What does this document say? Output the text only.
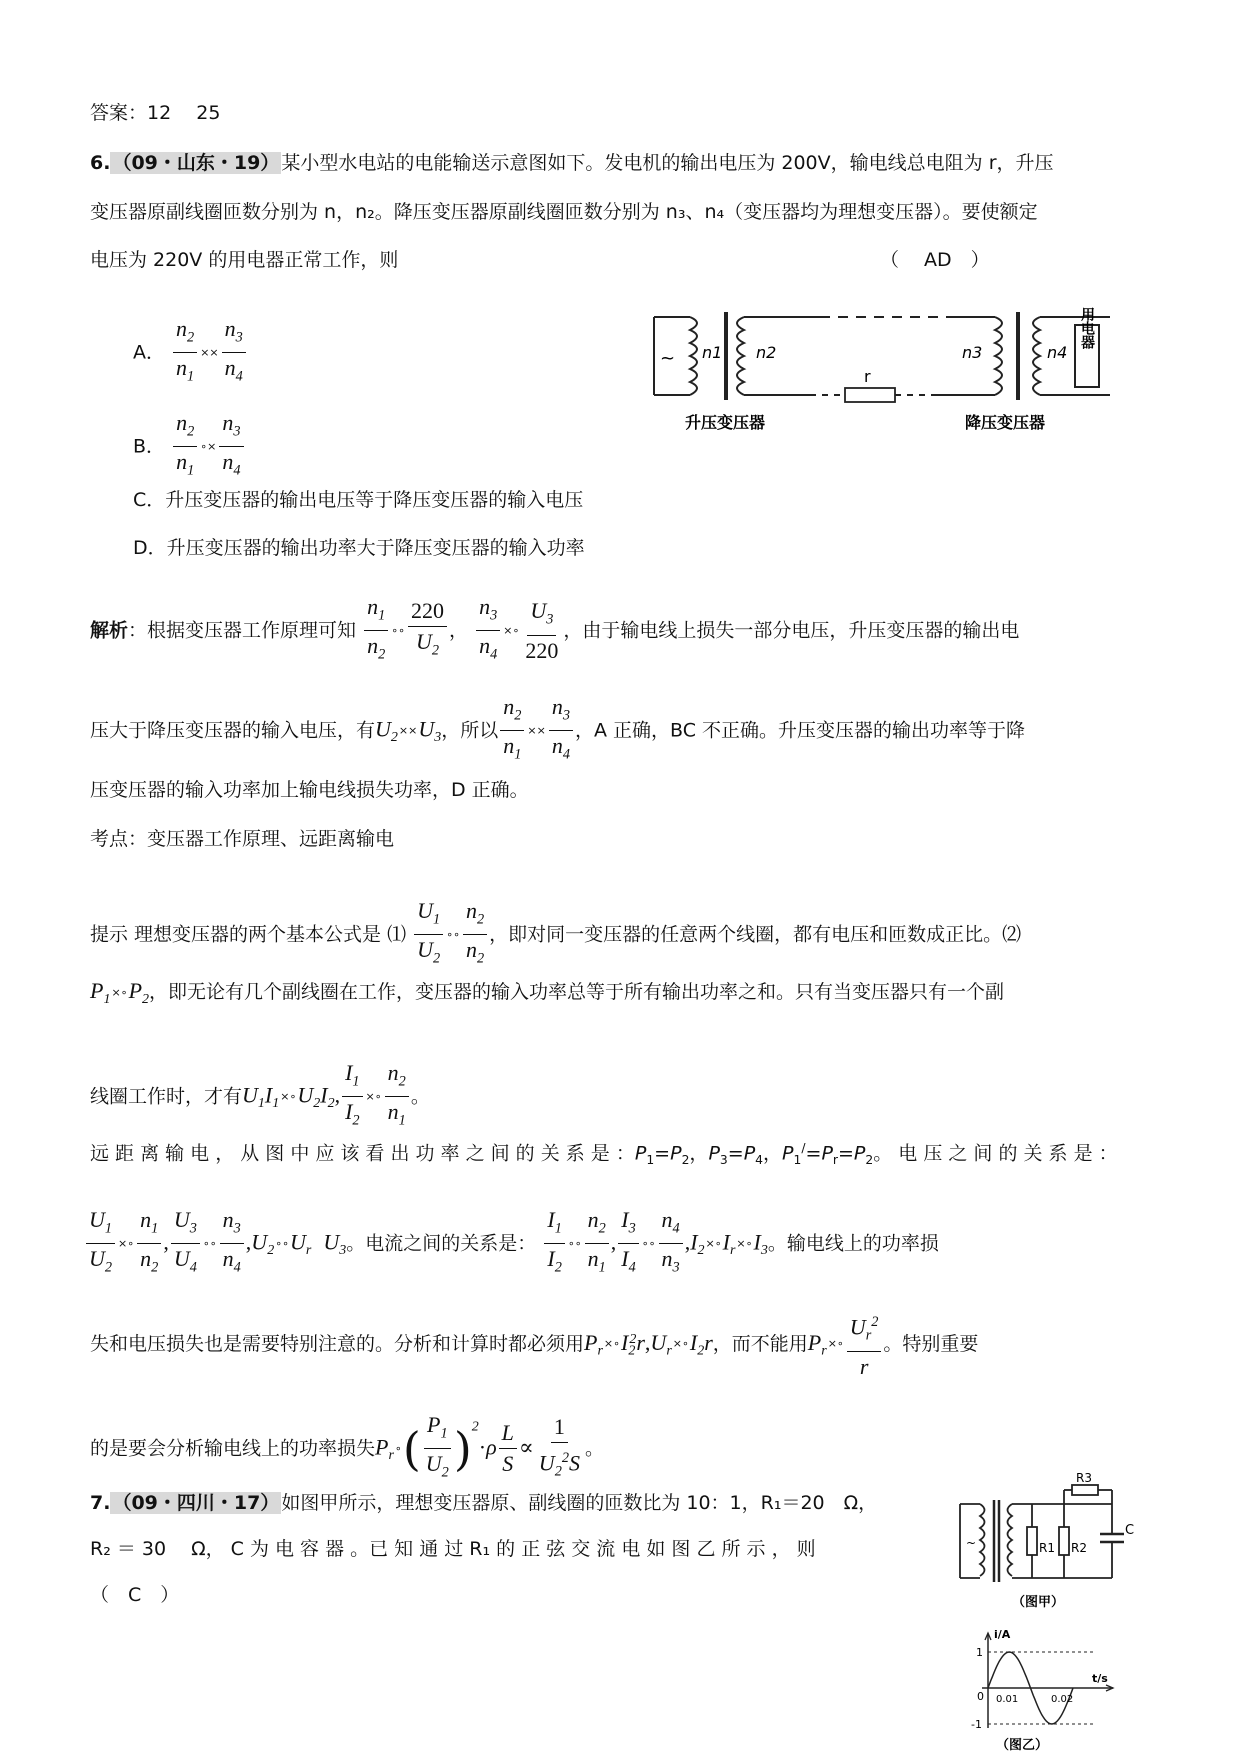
答案：12　 25
6. （09・山东・19） 某小型水电站的电能输送示意图如下。发电机的输出电压为 200V，输电线总电阻为 r，升压
变压器原副线圈匝数分别为 n，n₂。降压变压器原副线圈匝数分别为 n₃、n₄（变压器均为理想变压器）。要使额定
电压为 220V 的用电器正常工作，则	（　 AD　）
A． $\frac{n_2}{n_1} \times\times \frac{n_3}{n_4}$
B． $\frac{n_2}{n_1}$ ∘× $\frac{n_3}{n_4}$
C．升压变压器的输出电压等于降压变压器的输入电压
D．升压变压器的输出功率大于降压变压器的输入功率
~ n1 n2	n3	n4
r
用电器
升压变压器	降压变压器
解析：根据变压器工作原理可知 $\frac{n_1}{n_2}$ ∘∘ $\frac{220}{U_2}$ ， $\frac{n_3}{n_4}$ ×∘ $\frac{U_3}{220}$ ，由于输电线上损失一部分电压，升压变压器的输出电
压大于降压变压器的输入电压，有$U_2\times\times U_3$，所以 $\frac{n_2}{n_1} \times\times \frac{n_3}{n_4}$ ，A 正确，BC 不正确。升压变压器的输出功率等于降
压变压器的输入功率加上输电线损失功率，D 正确。
考点：变压器工作原理、远距离输电
提示 理想变压器的两个基本公式是 ⑴ $\frac{U_1}{U_2}$ ∘∘ $\frac{n_2}{n_2}$ ，即对同一变压器的任意两个线圈，都有电压和匝数成正比。⑵
$P_1\times\circ P_2$，即无论有几个副线圈在工作，变压器的输入功率总等于所有输出功率之和。只有当变压器只有一个副
线圈工作时，才有$U_1I_1\times\circ U_2I_2$, $\frac{I_1}{I_2}$ ×∘ $\frac{n_2}{n_1}$ 。
远 距 离 输 电 ， 从 图 中 应 该 看 出 功 率 之 间 的 关 系 是 ：$P_1=P_2$，$P_3=P_4$，$P_1^/=P_r=P_2$。 电 压 之 间 的 关 系 是 ：
$\frac{U_1}{U_2}$ ×∘ $\frac{n_1}{n_2}$ , $\frac{U_3}{U_4}$ ∘∘ $\frac{n_3}{n_4}$ $,U_2\circ\circ U_r$ $U_3$。电流之间的关系是： $\frac{I_1}{I_2}$ ∘∘ $\frac{n_2}{n_1}$ , $\frac{I_3}{I_4}$ ∘∘ $\frac{n_4}{n_3}$ $,I_2\times\circ I_r\times\circ I_3$。输电线上的功率损
失和电压损失也是需要特别注意的。分析和计算时都必须用$P_r\times\circ I_2^2r,U_r\times\circ I_2r$，而不能用$P_r\times\circ \frac{U_r^2}{r}$ 。特别重要
的是要会分析输电线上的功率损失$P_r\circ( \frac{P_1}{U_2} )^2\cdot\rho \frac{L}{S} \propto \frac{1}{U_2^2S}$ 。
7. （09・四川・17） 如图甲所示，理想变压器原、副线圈的匝数比为 10：1，R₁＝20　Ω，
R₂ ＝ 30　 Ω， C 为 电 容 器 。已 知 通 过 R₁ 的 正 弦 交 流 电 如 图 乙 所 示 ， 则
（　C　）
~	R1 R2
R3
C
（图甲）
i/A
t/s
1
-1
0 0.01	0.02
（图乙）
